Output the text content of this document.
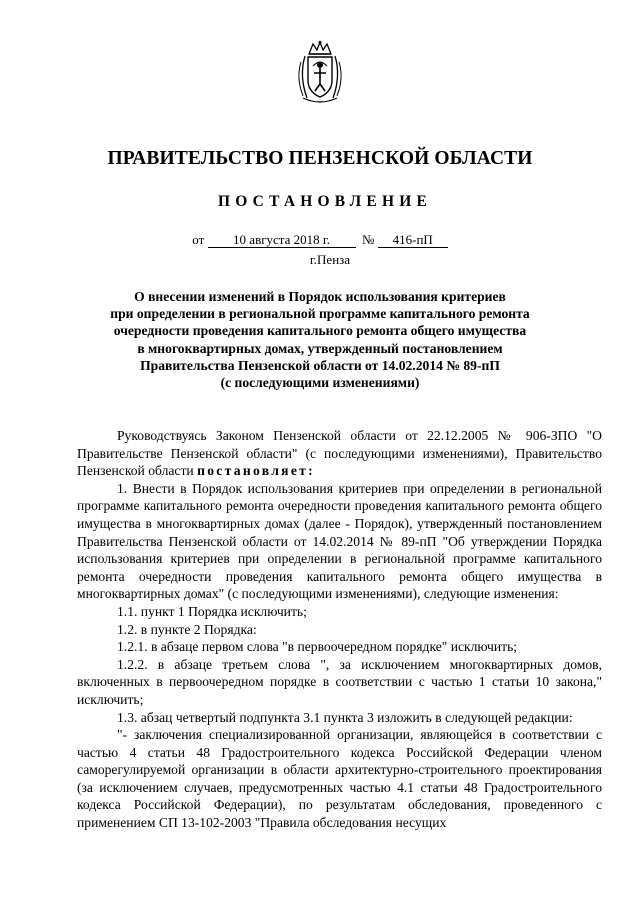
ПРАВИТЕЛЬСТВО ПЕНЗЕНСКОЙ ОБЛАСТИ
ПОСТАНОВЛЕНИЕ
от 10 августа 2018 г. № 416-пП
г.Пенза
О внесении изменений в Порядок использования критериев
при определении в региональной программе капитального ремонта
очередности проведения капитального ремонта общего имущества
в многоквартирных домах, утвержденный постановлением
Правительства Пензенской области от 14.02.2014 № 89-пП
(с последующими изменениями)

Руководствуясь Законом Пензенской области от 22.12.2005 № 906-ЗПО "О Правительстве Пензенской области" (с последующими изменениями), Правительство Пензенской области постановляет:

1. Внести в Порядок использования критериев при определении в региональной программе капитального ремонта очередности проведения капитального ремонта общего имущества в многоквартирных домах (далее - Порядок), утвержденный постановлением Правительства Пензенской области от 14.02.2014 № 89-пП "Об утверждении Порядка использования критериев при определении в региональной программе капитального ремонта очередности проведения капитального ремонта общего имущества в многоквартирных домах" (с последующими изменениями), следующие изменения:

1.1. пункт 1 Порядка исключить;

1.2. в пункте 2 Порядка:

1.2.1. в абзаце первом слова "в первоочередном порядке" исключить;

1.2.2. в абзаце третьем слова ", за исключением многоквартирных домов, включенных в первоочередном порядке в соответствии с частью 1 статьи 10 закона," исключить;

1.3. абзац четвертый подпункта 3.1 пункта 3 изложить в следующей редакции:

"- заключения специализированной организации, являющейся в соответствии с частью 4 статьи 48 Градостроительного кодекса Российской Федерации членом саморегулируемой организации в области архитектурно-строительного проектирования (за исключением случаев, предусмотренных частью 4.1 статьи 48 Градостроительного кодекса Российской Федерации), по результатам обследования, проведенного с применением СП 13-102-2003 "Правила обследования несущих
